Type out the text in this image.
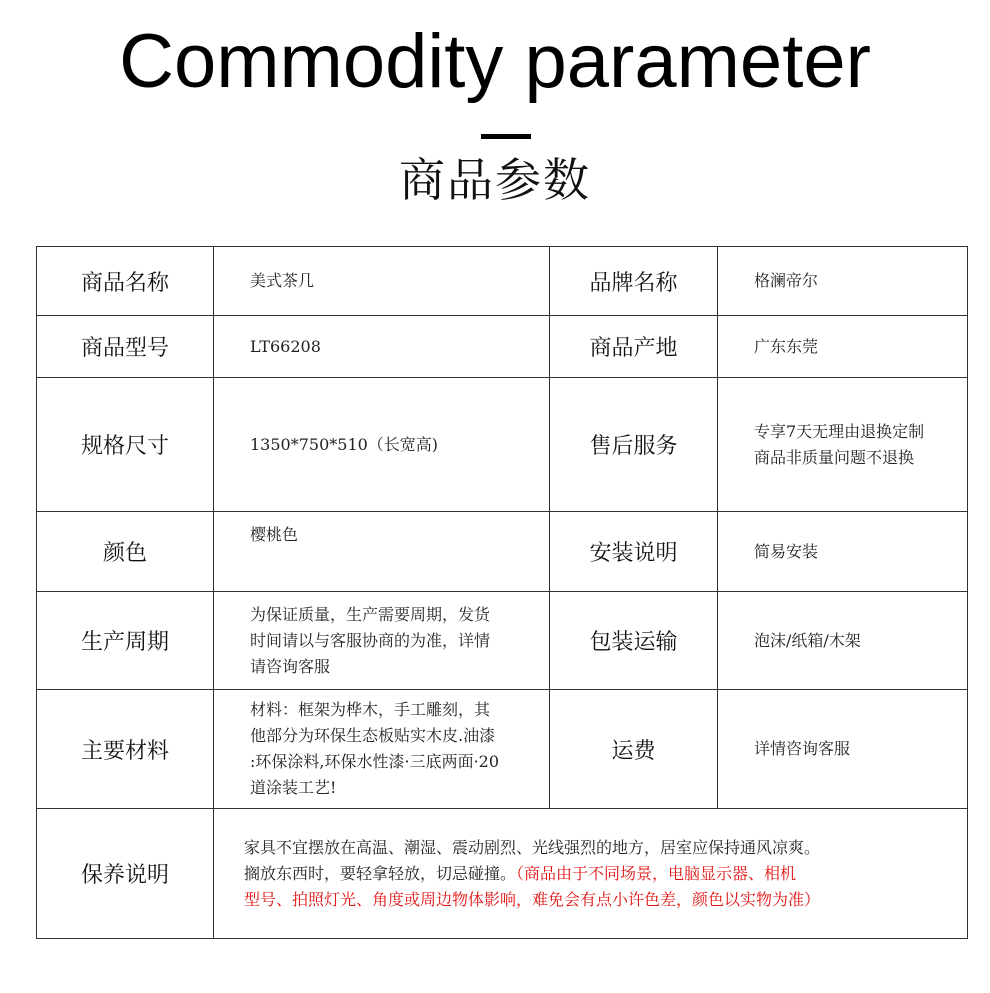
Commodity parameter
商品参数
商品名称	美式茶几	品牌名称	格澜帝尔
商品型号	LT66208	商品产地	广东东莞
规格尺寸	1350*750*510（长宽高)	售后服务	专享7天无理由退换定制
商品非质量问题不退换

颜色	樱桃色	安装说明	简易安装
生产周期	为保证质量，生产需要周期，发货
时间请以与客服协商的为准，详情
请咨询客服	包装运输	泡沫/纸箱/木架
主要材料	材料：框架为桦木，手工雕刻，其
他部分为环保生态板贴实木皮.油漆
:环保涂料,环保水性漆·三底两面·20
道涂装工艺!	运费	详情咨询客服
保养说明	家具不宜摆放在高温、潮湿、震动剧烈、光线强烈的地方，居室应保持通风凉爽。
搁放东西时，要轻拿轻放，切忌碰撞。（商品由于不同场景，电脑显示器、相机
型号、拍照灯光、角度或周边物体影响，难免会有点小许色差，颜色以实物为准）		
